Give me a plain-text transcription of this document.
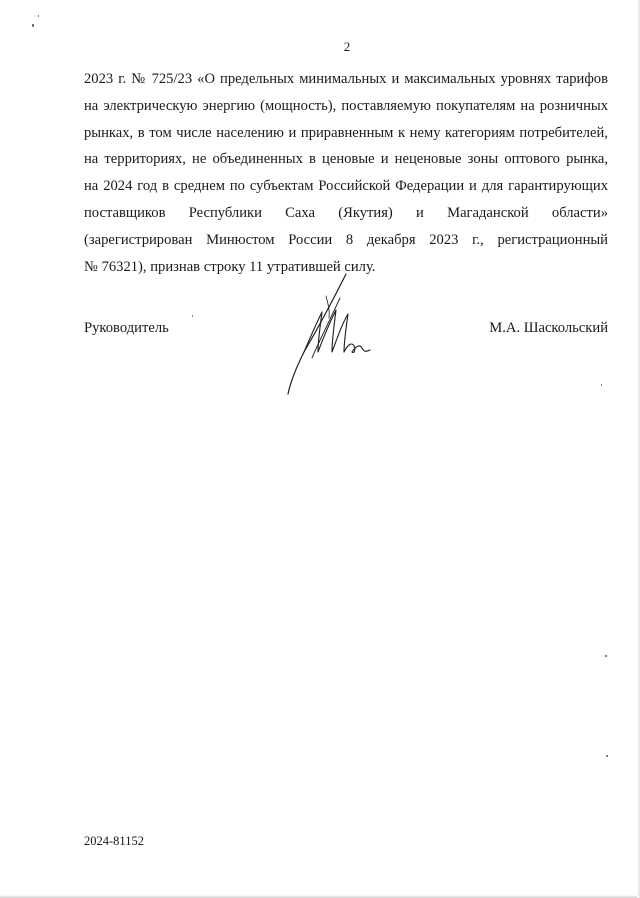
2
2023 г. № 725/23 «О предельных минимальных и максимальных уровнях тарифов
на электрическую энергию (мощность), поставляемую покупателям на розничных
рынках, в том числе населению и приравненным к нему категориям потребителей,
на территориях, не объединенных в ценовые и неценовые зоны оптового рынка,
на 2024 год в среднем по субъектам Российской Федерации и для гарантирующих
поставщиков Республики Саха (Якутия) и Магаданской области»
(зарегистрирован Минюстом России 8 декабря 2023 г., регистрационный
№ 76321), признав строку 11 утратившей силу.
Руководитель	М.А. Шаскольский
2024-81152
